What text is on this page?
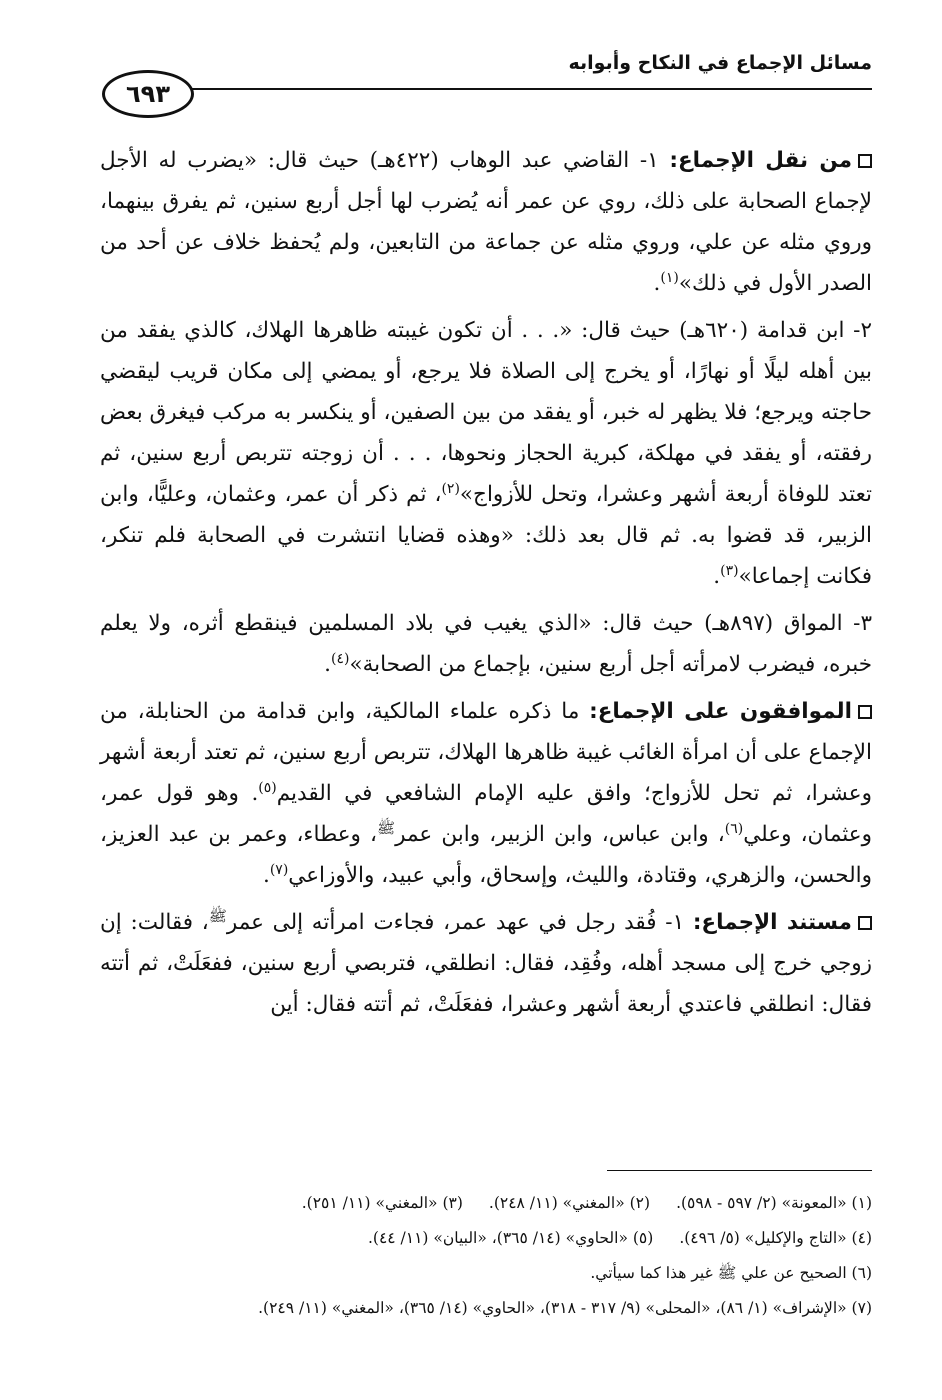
مسائل الإجماع في النكاح وأبوابه
٦٩٣

من نقل الإجماع: ١- القاضي عبد الوهاب (٤٢٢هـ) حيث قال: «يضرب له الأجل لإجماع الصحابة على ذلك، روي عن عمر أنه يُضرب لها أجل أربع سنين، ثم يفرق بينهما، وروي مثله عن علي، وروي مثله عن جماعة من التابعين، ولم يُحفظ خلاف عن أحد من الصدر الأول في ذلك»$^{(١)}$.

٢- ابن قدامة (٦٢٠هـ) حيث قال: «. . . أن تكون غيبته ظاهرها الهلاك، كالذي يفقد من بين أهله ليلًا أو نهارًا، أو يخرج إلى الصلاة فلا يرجع، أو يمضي إلى مكان قريب ليقضي حاجته ويرجع؛ فلا يظهر له خبر، أو يفقد من بين الصفين، أو ينكسر به مركب فيغرق بعض رفقته، أو يفقد في مهلكة، كبرية الحجاز ونحوها، . . . أن زوجته تتربص أربع سنين، ثم تعتد للوفاة أربعة أشهر وعشرا، وتحل للأزواج»$^{(٢)}$، ثم ذكر أن عمر، وعثمان، وعليًّا، وابن الزبير، قد قضوا به. ثم قال بعد ذلك: «وهذه قضايا انتشرت في الصحابة فلم تنكر، فكانت إجماعا»$^{(٣)}$.

٣- المواق (٨٩٧هـ) حيث قال: «الذي يغيب في بلاد المسلمين فينقطع أثره، ولا يعلم خبره، فيضرب لامرأته أجل أربع سنين، بإجماع من الصحابة»$^{(٤)}$.

الموافقون على الإجماع: ما ذكره علماء المالكية، وابن قدامة من الحنابلة، من الإجماع على أن امرأة الغائب غيبة ظاهرها الهلاك، تتربص أربع سنين، ثم تعتد أربعة أشهر وعشرا، ثم تحل للأزواج؛ وافق عليه الإمام الشافعي في القديم$^{(٥)}$. وهو قول عمر، وعثمان، وعلي$^{(٦)}$، وابن عباس، وابن الزبير، وابن عمر$^ﷺ$، وعطاء، وعمر بن عبد العزيز، والحسن، والزهري، وقتادة، والليث، وإسحاق، وأبي عبيد، والأوزاعي$^{(٧)}$.

مستند الإجماع: ١- فُقد رجل في عهد عمر، فجاءت امرأته إلى عمر$^ﷺ$، فقالت: إن زوجي خرج إلى مسجد أهله، وفُقِد، فقال: انطلقي، فتربصي أربع سنين، ففعَلَتْ، ثم أتته فقال: انطلقي فاعتدي أربعة أشهر وعشرا، ففعَلَتْ، ثم أتته فقال: أين

(١) «المعونة» (٢/ ٥٩٧ - ٥٩٨).
(٢) «المغني» (١١/ ٢٤٨).
(٣) «المغني» (١١/ ٢٥١).
(٤) «التاج والإكليل» (٥/ ٤٩٦).
(٥) «الحاوي» (١٤/ ٣٦٥)، «البيان» (١١/ ٤٤).
(٦) الصحيح عن علي ﷺ غير هذا كما سيأتي.
(٧) «الإشراف» (١/ ٨٦)، «المحلى» (٩/ ٣١٧ - ٣١٨)، «الحاوي» (١٤/ ٣٦٥)، «المغني» (١١/ ٢٤٩).
